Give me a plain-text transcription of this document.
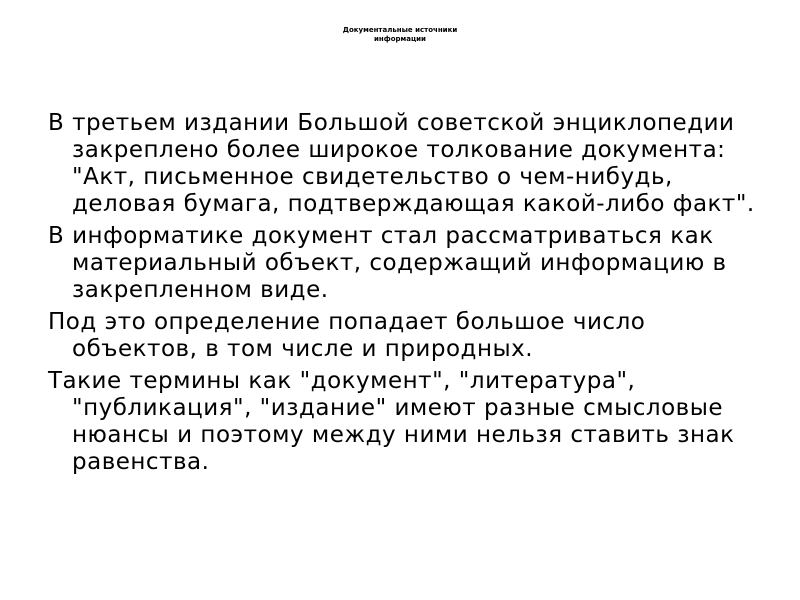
Документальные источники
информации

В третьем издании Большой советской энциклопедии закреплено более широкое толкование документа: "Акт, письменное свидетельство о чем-нибудь, деловая бумага, подтверждающая какой-либо факт".

В информатике документ стал рассматриваться как материальный объект, содержащий информацию в закрепленном виде.

Под это определение попадает большое число объектов, в том числе и природных.

Такие термины как "документ", "литература", "публикация", "издание" имеют разные смысловые нюансы и поэтому между ними нельзя ставить знак равенства.
